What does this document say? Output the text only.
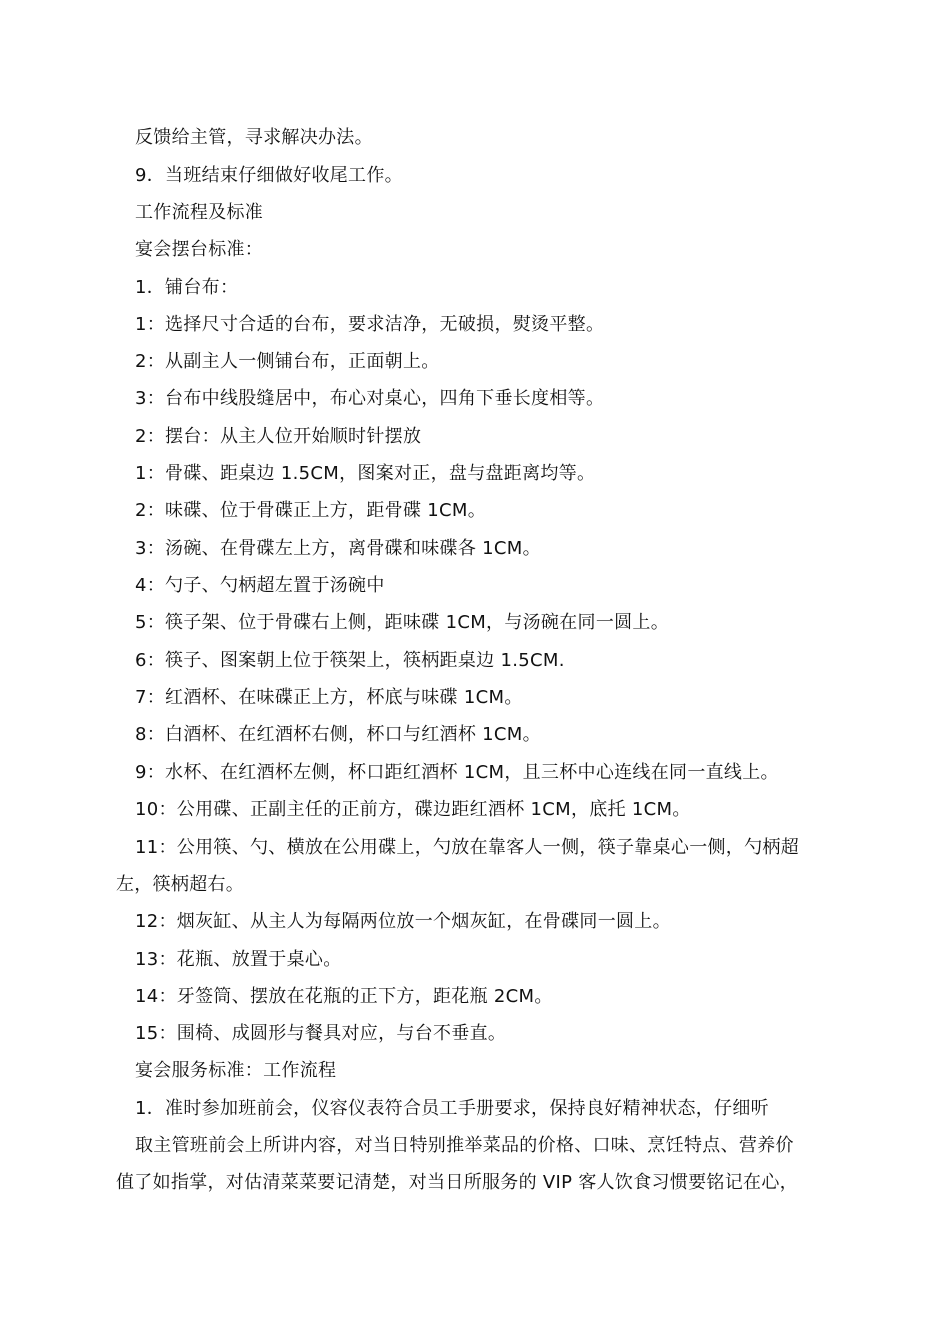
反馈给主管，寻求解决办法。
9．当班结束仔细做好收尾工作。
工作流程及标准
宴会摆台标准：
1．铺台布：
1：选择尺寸合适的台布，要求洁净，无破损，熨烫平整。
2：从副主人一侧铺台布，正面朝上。
3：台布中线股缝居中，布心对桌心，四角下垂长度相等。
2：摆台：从主人位开始顺时针摆放
1：骨碟、距桌边 1.5CM，图案对正，盘与盘距离均等。
2：味碟、位于骨碟正上方，距骨碟 1CM。
3：汤碗、在骨碟左上方，离骨碟和味碟各 1CM。
4：勺子、勺柄超左置于汤碗中
5：筷子架、位于骨碟右上侧，距味碟 1CM，与汤碗在同一圆上。
6：筷子、图案朝上位于筷架上，筷柄距桌边 1.5CM.
7：红酒杯、在味碟正上方，杯底与味碟 1CM。
8：白酒杯、在红酒杯右侧，杯口与红酒杯 1CM。
9：水杯、在红酒杯左侧，杯口距红酒杯 1CM，且三杯中心连线在同一直线上。
10：公用碟、正副主任的正前方，碟边距红酒杯 1CM，底托 1CM。
11：公用筷、勺、横放在公用碟上，勺放在靠客人一侧，筷子靠桌心一侧，勺柄超
左，筷柄超右。
12：烟灰缸、从主人为每隔两位放一个烟灰缸，在骨碟同一圆上。
13：花瓶、放置于桌心。
14：牙签筒、摆放在花瓶的正下方，距花瓶 2CM。
15：围椅、成圆形与餐具对应，与台不垂直。
宴会服务标准：工作流程
1．准时参加班前会，仪容仪表符合员工手册要求，保持良好精神状态，仔细听
取主管班前会上所讲内容，对当日特别推举菜品的价格、口味、烹饪特点、营养价
值了如指掌，对估清菜菜要记清楚，对当日所服务的 VIP 客人饮食习惯要铭记在心，
